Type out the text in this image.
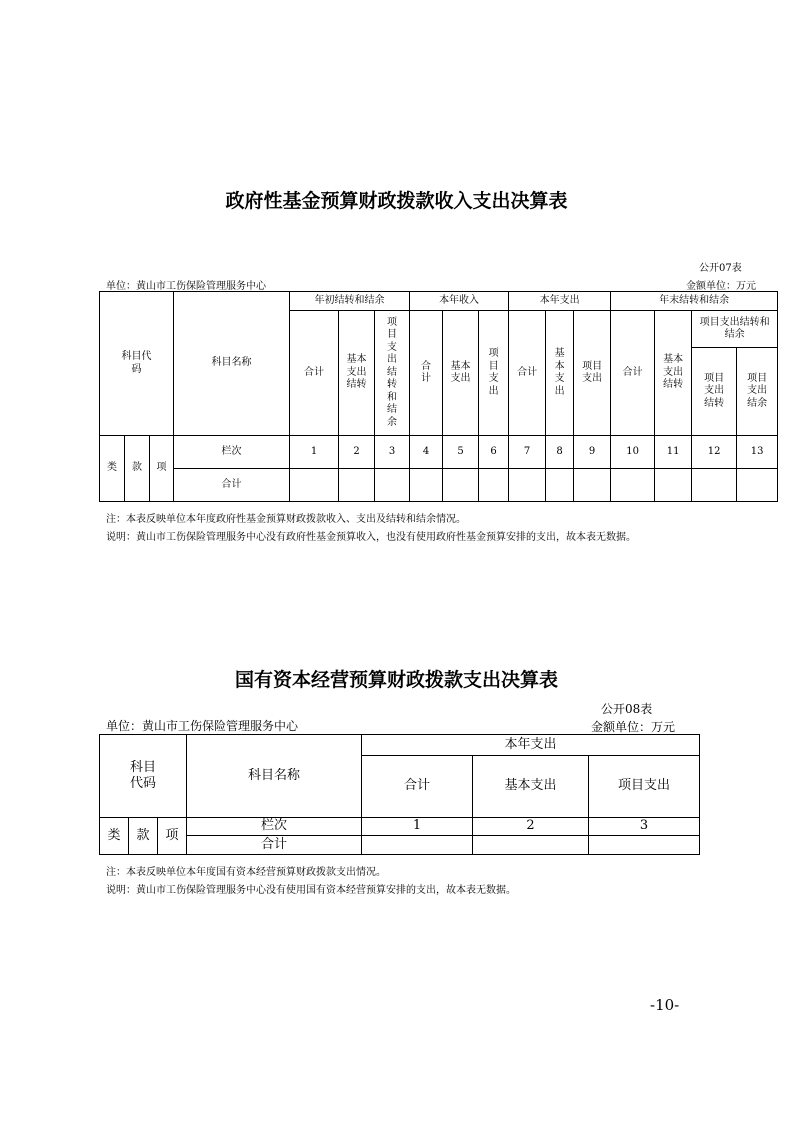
政府性基金预算财政拨款收入支出决算表
公开07表
单位：黄山市工伤保险管理服务中心	金额单位：万元
科目代码			科目名称	年初结转和结余			本年收入			本年支出			年末结转和结余			
				合计	基本支出结转	项目支出结转和结余	合计	基本支出	项目支出	合计	基本支出	项目支出	合计	基本支出结转	项目支出结转和结余	

															项目支出结转	项目支出结余

类	款	项	栏次	1	2	3	4	5	6	7	8	9	10	11	12	13
			合计													
注：本表反映单位本年度政府性基金预算财政拨款收入、支出及结转和结余情况。
说明：黄山市工伤保险管理服务中心没有政府性基金预算收入，也没有使用政府性基金预算安排的支出，故本表无数据。
国有资本经营预算财政拨款支出决算表
公开08表
单位：黄山市工伤保险管理服务中心	金额单位：万元
科目代码			科目名称	本年支出		
				合计	基本支出	项目支出
类	款	项	栏次	1	2	3
			合计			
注：本表反映单位本年度国有资本经营预算财政拨款支出情况。
说明：黄山市工伤保险管理服务中心没有使用国有资本经营预算安排的支出，故本表无数据。
-10-
